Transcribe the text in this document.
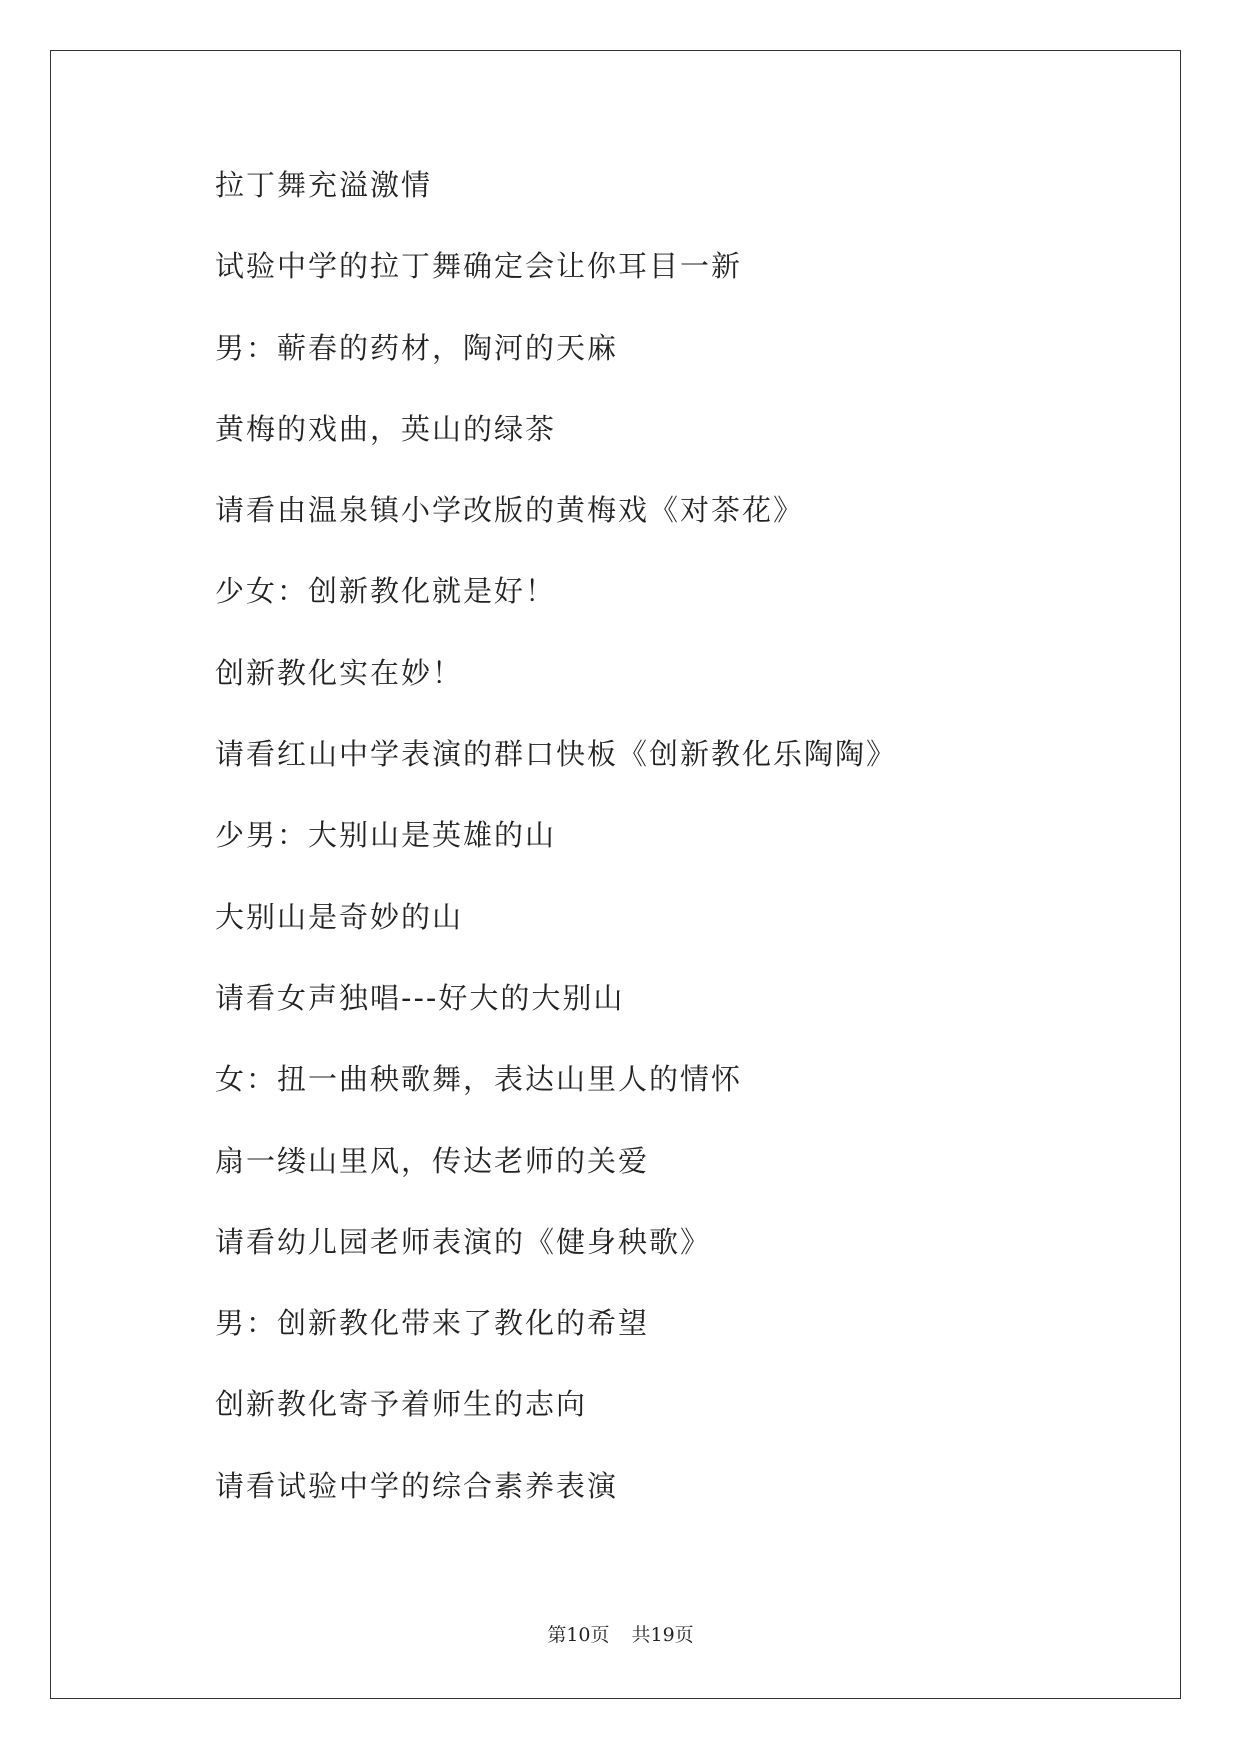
拉丁舞充溢激情
试验中学的拉丁舞确定会让你耳目一新
男：蕲春的药材，陶河的天麻
黄梅的戏曲，英山的绿茶
请看由温泉镇小学改版的黄梅戏《对茶花》
少女：创新教化就是好！
创新教化实在妙！
请看红山中学表演的群口快板《创新教化乐陶陶》
少男：大别山是英雄的山
大别山是奇妙的山
请看女声独唱---好大的大别山
女：扭一曲秧歌舞，表达山里人的情怀
扇一缕山里风，传达老师的关爱
请看幼儿园老师表演的《健身秧歌》
男：创新教化带来了教化的希望
创新教化寄予着师生的志向
请看试验中学的综合素养表演
第10页 共19页
